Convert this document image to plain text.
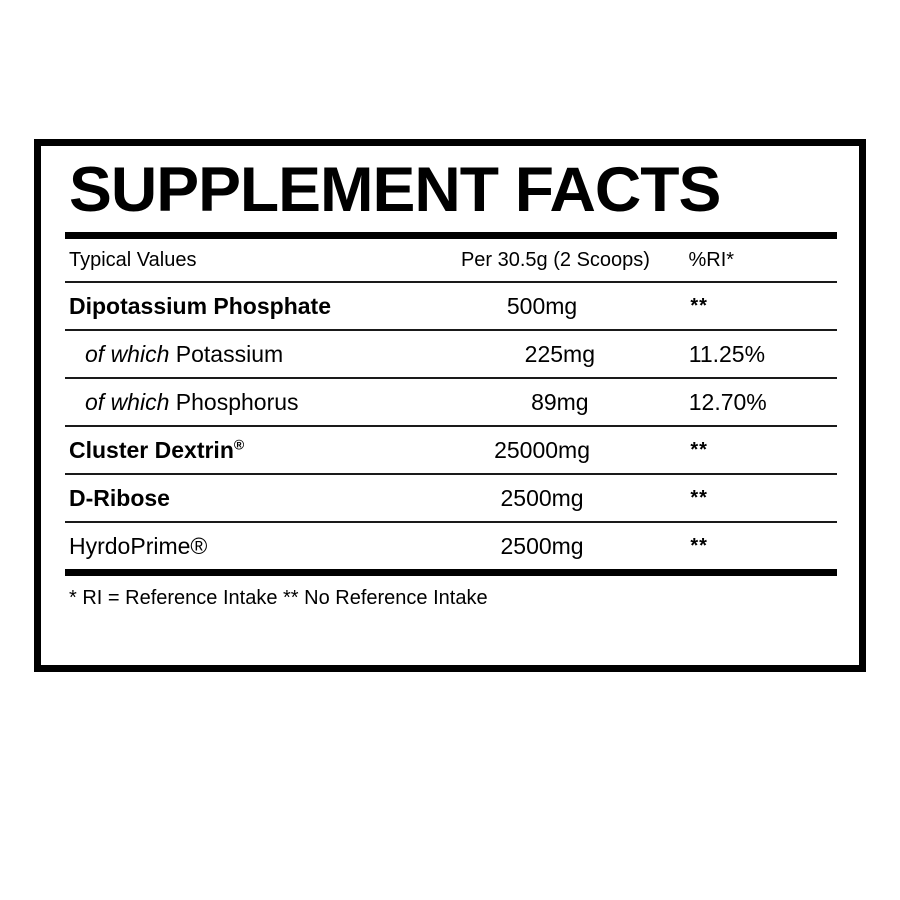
SUPPLEMENT FACTS
Typical Values	Per 30.5g (2 Scoops)	%RI*
Dipotassium Phosphate	500mg	**
of which Potassium	225mg	11.25%
of which Phosphorus	89mg	12.70%
Cluster Dextrin®	25000mg	**
D-Ribose	2500mg	**
HyrdoPrime®	2500mg	**
* RI = Reference Intake ** No Reference Intake
